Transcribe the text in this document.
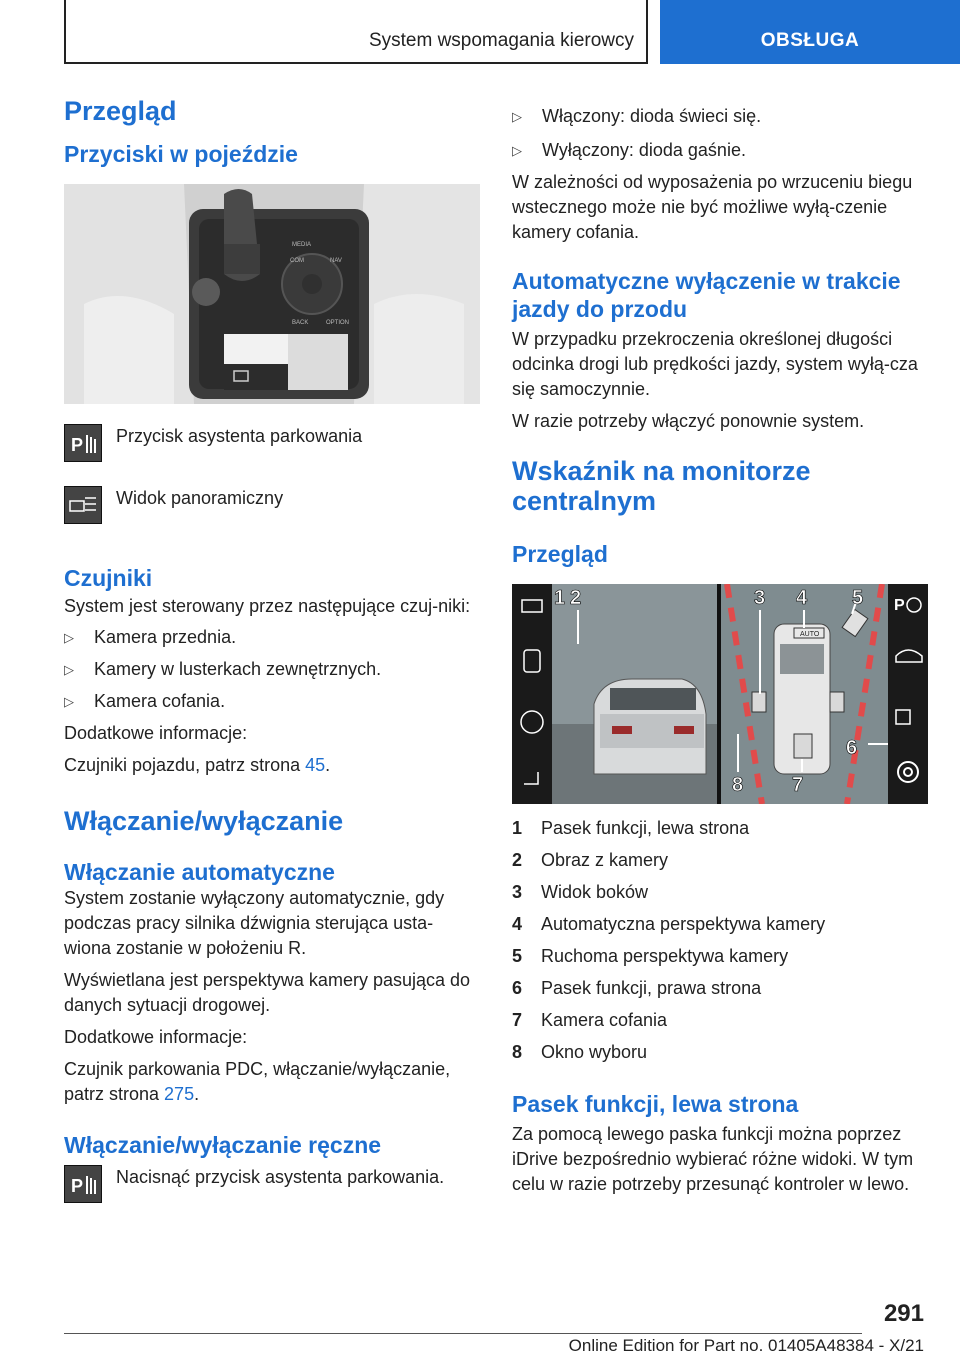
System wspomagania kierowcy	OBSŁUGA
Przegląd
Przyciski w pojeździe
MEDIA
COM	NAV
BACK	OPTION
P Przycisk asystenta parkowania
Widok panoramiczny
Czujniki

System jest sterowany przez następujące czuj-niki:

▷ Kamera przednia.
▷ Kamery w lusterkach zewnętrznych.
▷ Kamera cofania.

Dodatkowe informacje:

Czujniki pojazdu, patrz strona 45.

Włączanie/wyłączanie
Włączanie automatyczne

System zostanie wyłączony automatycznie, gdy podczas pracy silnika dźwignia sterująca usta-wiona zostanie w położeniu R.

Wyświetlana jest perspektywa kamery pasująca do danych sytuacji drogowej.

Dodatkowe informacje:

Czujnik parkowania PDC, włączanie/wyłączanie, patrz strona 275.

Włączanie/wyłączanie ręczne
P Nacisnąć przycisk asystenta parkowania.
▷ Włączony: dioda świeci się.
▷ Wyłączony: dioda gaśnie.

W zależności od wyposażenia po wrzuceniu biegu wstecznego może nie być możliwe wyłą-czenie kamery cofania.

Automatyczne wyłączenie w trakcie jazdy do przodu

W przypadku przekroczenia określonej długości odcinka drogi lub prędkości jazdy, system wyłą-cza się samoczynnie.

W razie potrzeby włączyć ponownie system.

Wskaźnik na monitorze centralnym
Przegląd
AUTO
P
1 2	3 4 5
6
7
8
1	Pasek funkcji, lewa strona
2	Obraz z kamery
3	Widok boków
4	Automatyczna perspektywa kamery
5	Ruchoma perspektywa kamery
6	Pasek funkcji, prawa strona
7	Kamera cofania
8	Okno wyboru
Pasek funkcji, lewa strona

Za pomocą lewego paska funkcji można poprzez iDrive bezpośrednio wybierać różne widoki. W tym celu w razie potrzeby przesunąć kontroler w lewo.

291
Online Edition for Part no. 01405A48384 - X/21
